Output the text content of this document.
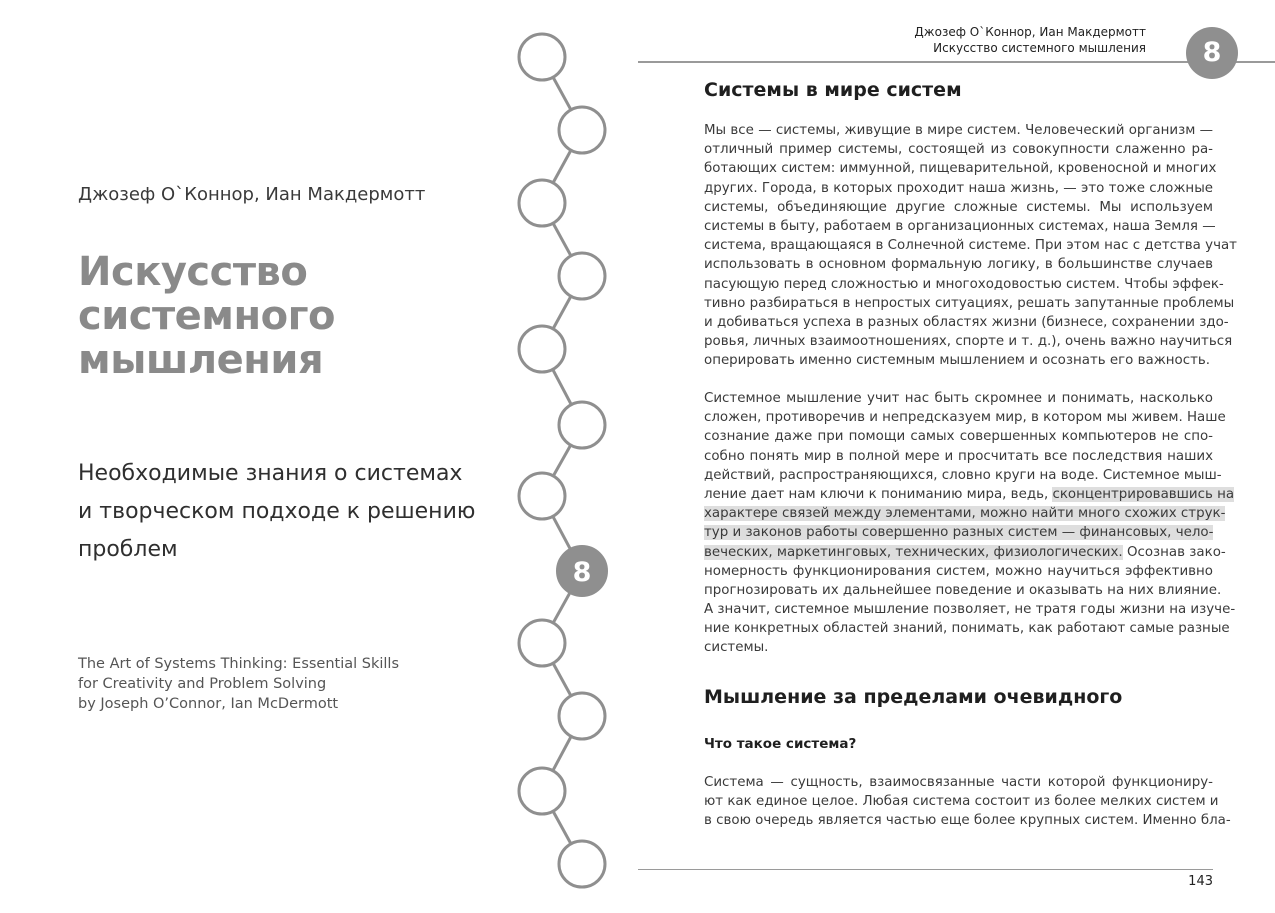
Джозеф О`Коннор, Иан Макдермотт
Искусство
системного
мышления
Необходимые знания о системах
и творческом подходе к решению
проблем
The Art of Systems Thinking: Essential Skills
for Creativity and Problem Solving
by Joseph O’Connor, Ian McDermott
8
Джозеф О`Коннор, Иан Макдермотт
Искусство системного мышления	8
Системы в мире систем
Мы все — системы, живущие в мире систем. Человеческий организм —
отличный пример системы, состоящей из совокупности слаженно ра-
ботающих систем: иммунной, пищеварительной, кровеносной и многих
других. Города, в которых проходит наша жизнь, — это тоже сложные
системы, объединяющие другие сложные системы. Мы используем
системы в быту, работаем в организационных системах, наша Земля —
система, вращающаяся в Солнечной системе. При этом нас с детства учат
использовать в основном формальную логику, в большинстве случаев
пасующую перед сложностью и многоходовостью систем. Чтобы эффек-
тивно разбираться в непростых ситуациях, решать запутанные проблемы
и добиваться успеха в разных областях жизни (бизнесе, сохранении здо-
ровья, личных взаимоотношениях, спорте и т. д.), очень важно научиться
оперировать именно системным мышлением и осознать его важность.
Системное мышление учит нас быть скромнее и понимать, насколько
сложен, противоречив и непредсказуем мир, в котором мы живем. Наше
сознание даже при помощи самых совершенных компьютеров не спо-
собно понять мир в полной мере и просчитать все последствия наших
действий, распространяющихся, словно круги на воде. Системное мыш-
ление дает нам ключи к пониманию мира, ведь, сконцентрировавшись на
характере связей между элементами, можно найти много схожих струк-
тур и законов работы совершенно разных систем — финансовых, чело-
веческих, маркетинговых, технических, физиологических. Осознав зако-
номерность функционирования систем, можно научиться эффективно
прогнозировать их дальнейшее поведение и оказывать на них влияние.
А значит, системное мышление позволяет, не тратя годы жизни на изуче-
ние конкретных областей знаний, понимать, как работают самые разные
системы.
Мышление за пределами очевидного
Что такое система?
Система — сущность, взаимосвязанные части которой функциониру-
ют как единое целое. Любая система состоит из более мелких систем и
в свою очередь является частью еще более крупных систем. Именно бла-
143
